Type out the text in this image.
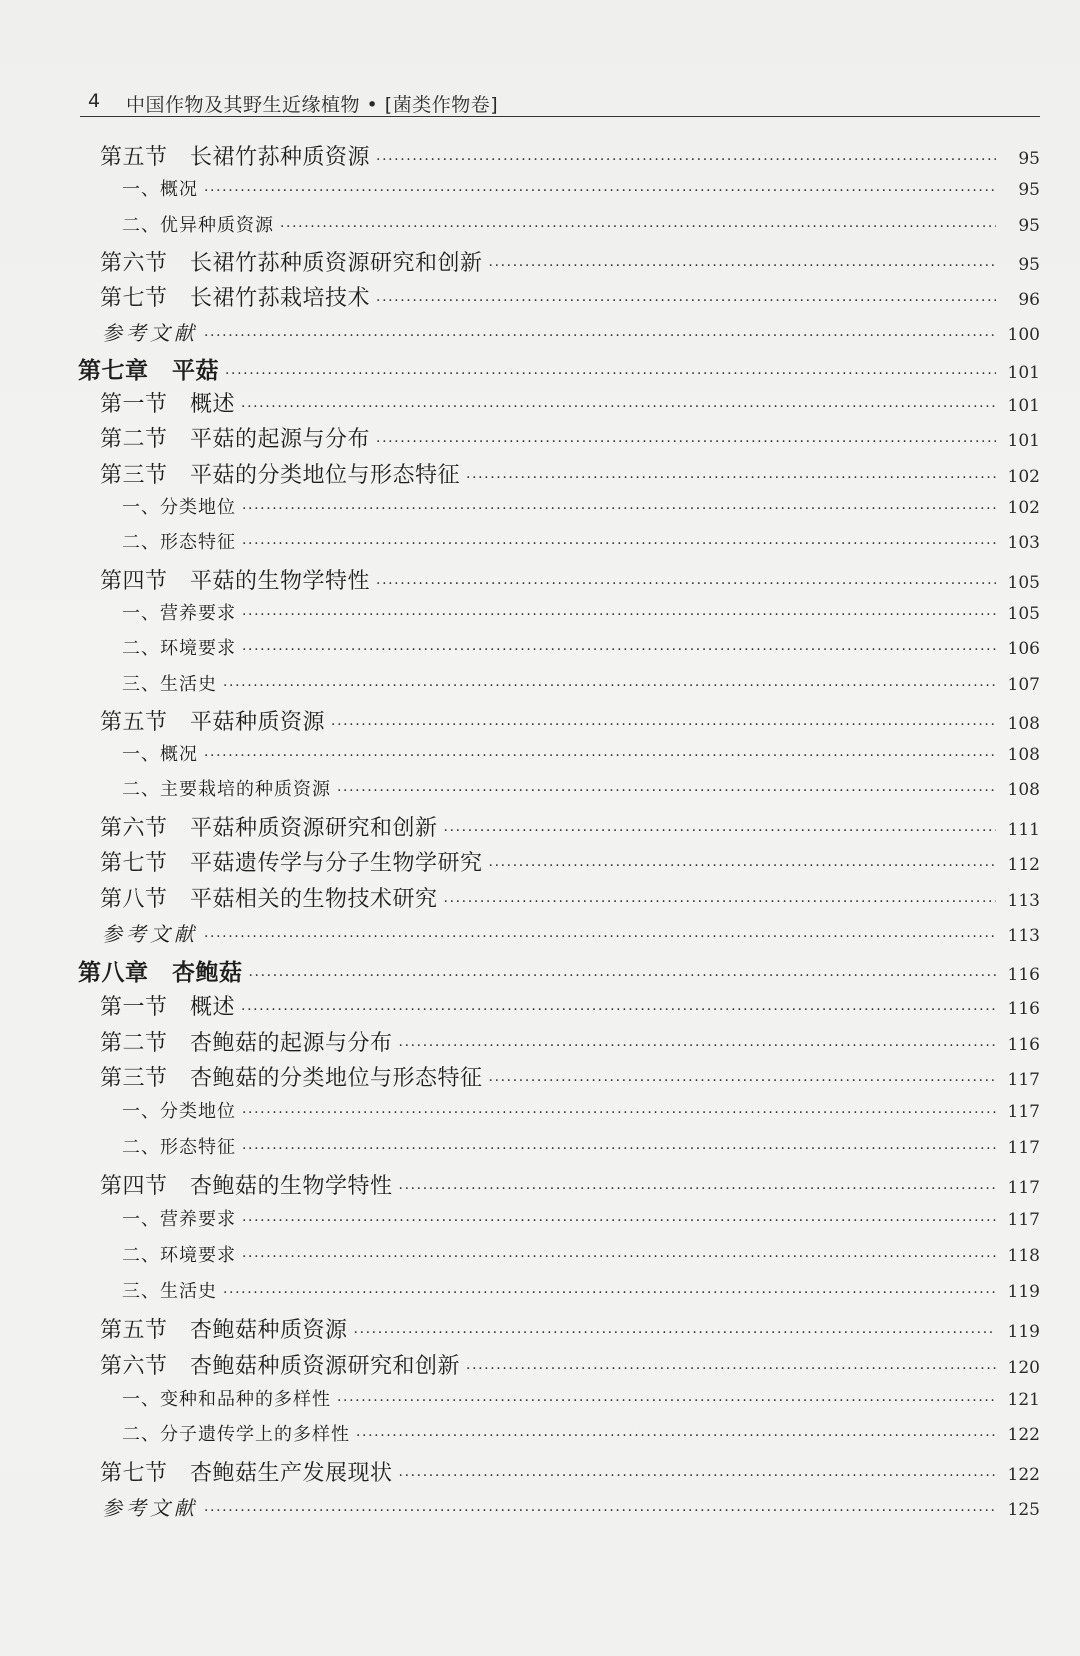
4 中国作物及其野生近缘植物 • [菌类作物卷]
第五节　长裙竹荪种质资源 ·····	95
一、概况 ·····	95
二、优异种质资源 ·····	95
第六节　长裙竹荪种质资源研究和创新 ·····	95
第七节　长裙竹荪栽培技术 ·····	96
参考文献 ·····	100
第七章　平菇 ·····	101
第一节　概述 ·····	101
第二节　平菇的起源与分布 ·····	101
第三节　平菇的分类地位与形态特征 ·····	102
一、分类地位 ·····	102
二、形态特征 ·····	103
第四节　平菇的生物学特性 ·····	105
一、营养要求 ·····	105
二、环境要求 ·····	106
三、生活史 ·····	107
第五节　平菇种质资源 ·····	108
一、概况 ·····	108
二、主要栽培的种质资源 ·····	108
第六节　平菇种质资源研究和创新 ·····	111
第七节　平菇遗传学与分子生物学研究 ·····	112
第八节　平菇相关的生物技术研究 ·····	113
参考文献 ·····	113
第八章　杏鲍菇 ·····	116
第一节　概述 ·····	116
第二节　杏鲍菇的起源与分布 ·····	116
第三节　杏鲍菇的分类地位与形态特征 ·····	117
一、分类地位 ·····	117
二、形态特征 ·····	117
第四节　杏鲍菇的生物学特性 ·····	117
一、营养要求 ·····	117
二、环境要求 ·····	118
三、生活史 ·····	119
第五节　杏鲍菇种质资源 ·····	119
第六节　杏鲍菇种质资源研究和创新 ·····	120
一、变种和品种的多样性 ·····	121
二、分子遗传学上的多样性 ·····	122
第七节　杏鲍菇生产发展现状 ·····	122
参考文献 ·····	125
